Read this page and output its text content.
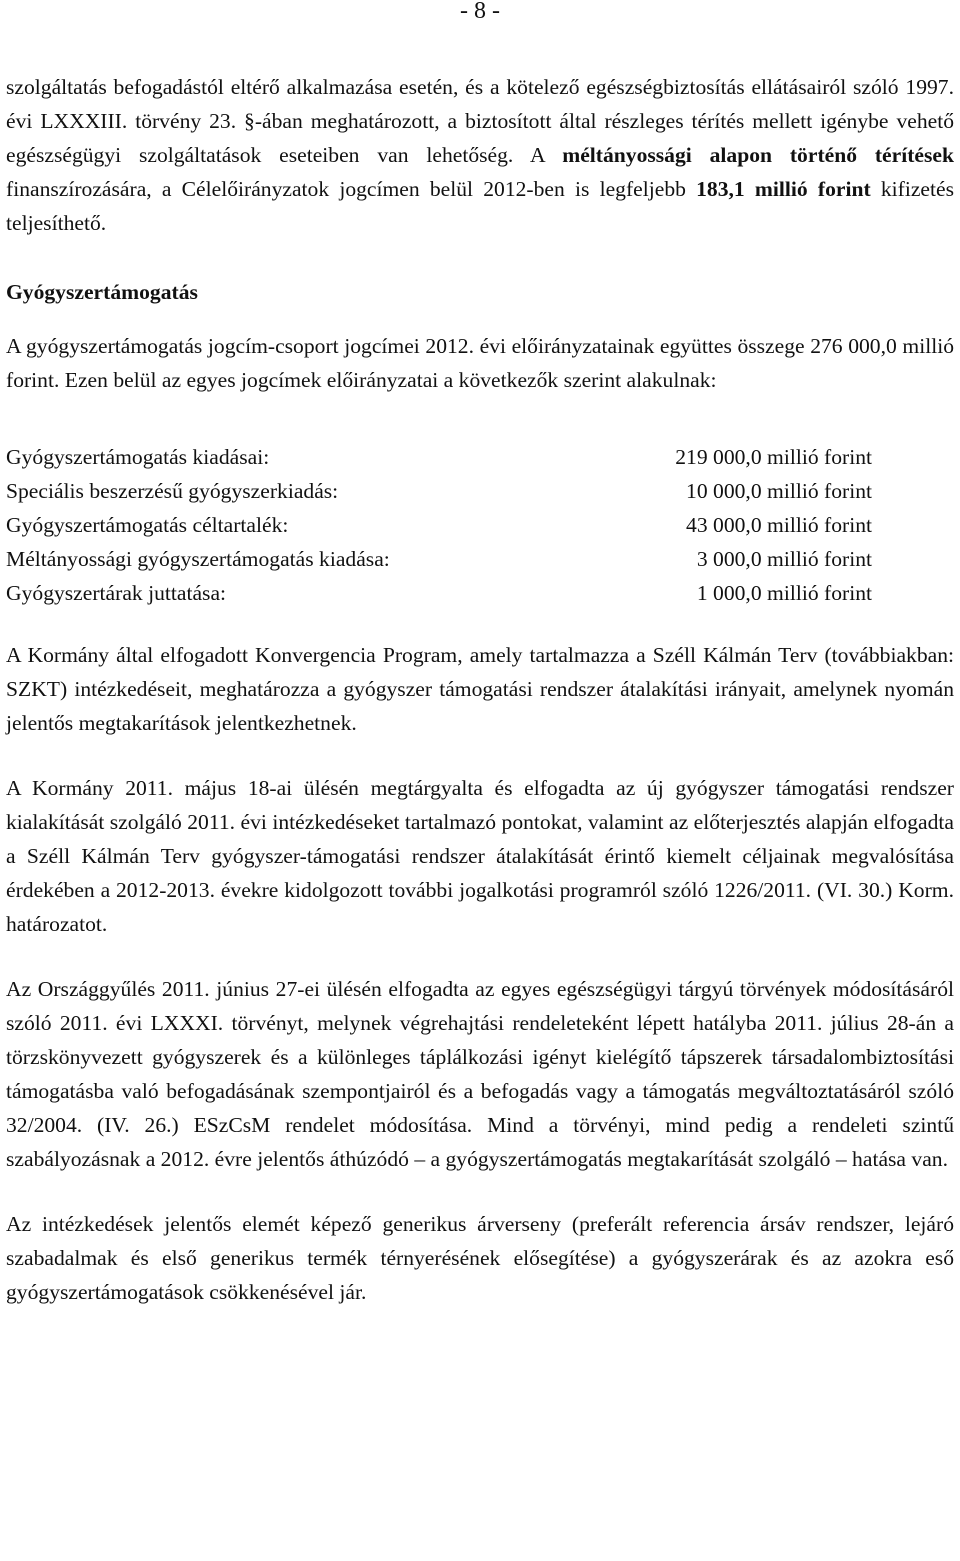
- 8 -

szolgáltatás befogadástól eltérő alkalmazása esetén, és a kötelező egészségbiztosítás ellátásairól szóló 1997. évi LXXXIII. törvény 23. §-ában meghatározott, a biztosított által részleges térítés mellett igénybe vehető egészségügyi szolgáltatások eseteiben van lehetőség. A méltányossági alapon történő térítések finanszírozására, a Célelőirányzatok jogcímen belül 2012-ben is legfeljebb 183,1 millió forint kifizetés teljesíthető.

Gyógyszertámogatás

A gyógyszertámogatás jogcím-csoport jogcímei 2012. évi előirányzatainak együttes összege 276 000,0 millió forint. Ezen belül az egyes jogcímek előirányzatai a következők szerint alakulnak:

Gyógyszertámogatás kiadásai:	219 000,0 millió forint
Speciális beszerzésű gyógyszerkiadás:	10 000,0 millió forint
Gyógyszertámogatás céltartalék:	43 000,0 millió forint
Méltányossági gyógyszertámogatás kiadása:	3 000,0 millió forint
Gyógyszertárak juttatása:	1 000,0 millió forint

A Kormány által elfogadott Konvergencia Program, amely tartalmazza a Széll Kálmán Terv (továbbiakban: SZKT) intézkedéseit, meghatározza a gyógyszer támogatási rendszer átalakítási irányait, amelynek nyomán jelentős megtakarítások jelentkezhetnek.

A Kormány 2011. május 18-ai ülésén megtárgyalta és elfogadta az új gyógyszer támogatási rendszer kialakítását szolgáló 2011. évi intézkedéseket tartalmazó pontokat, valamint az előterjesztés alapján elfogadta a Széll Kálmán Terv gyógyszer-támogatási rendszer átalakítását érintő kiemelt céljainak megvalósítása érdekében a 2012-2013. évekre kidolgozott további jogalkotási programról szóló 1226/2011. (VI. 30.) Korm. határozatot.

Az Országgyűlés 2011. június 27-ei ülésén elfogadta az egyes egészségügyi tárgyú törvények módosításáról szóló 2011. évi LXXXI. törvényt, melynek végrehajtási rendeleteként lépett hatályba 2011. július 28-án a törzskönyvezett gyógyszerek és a különleges táplálkozási igényt kielégítő tápszerek társadalombiztosítási támogatásba való befogadásának szempontjairól és a befogadás vagy a támogatás megváltoztatásáról szóló 32/2004. (IV. 26.) ESzCsM rendelet módosítása. Mind a törvényi, mind pedig a rendeleti szintű szabályozásnak a 2012. évre jelentős áthúzódó – a gyógyszertámogatás megtakarítását szolgáló – hatása van.

Az intézkedések jelentős elemét képező generikus árverseny (preferált referencia ársáv rendszer, lejáró szabadalmak és első generikus termék térnyerésének elősegítése) a gyógyszerárak és az azokra eső gyógyszertámogatások csökkenésével jár.
